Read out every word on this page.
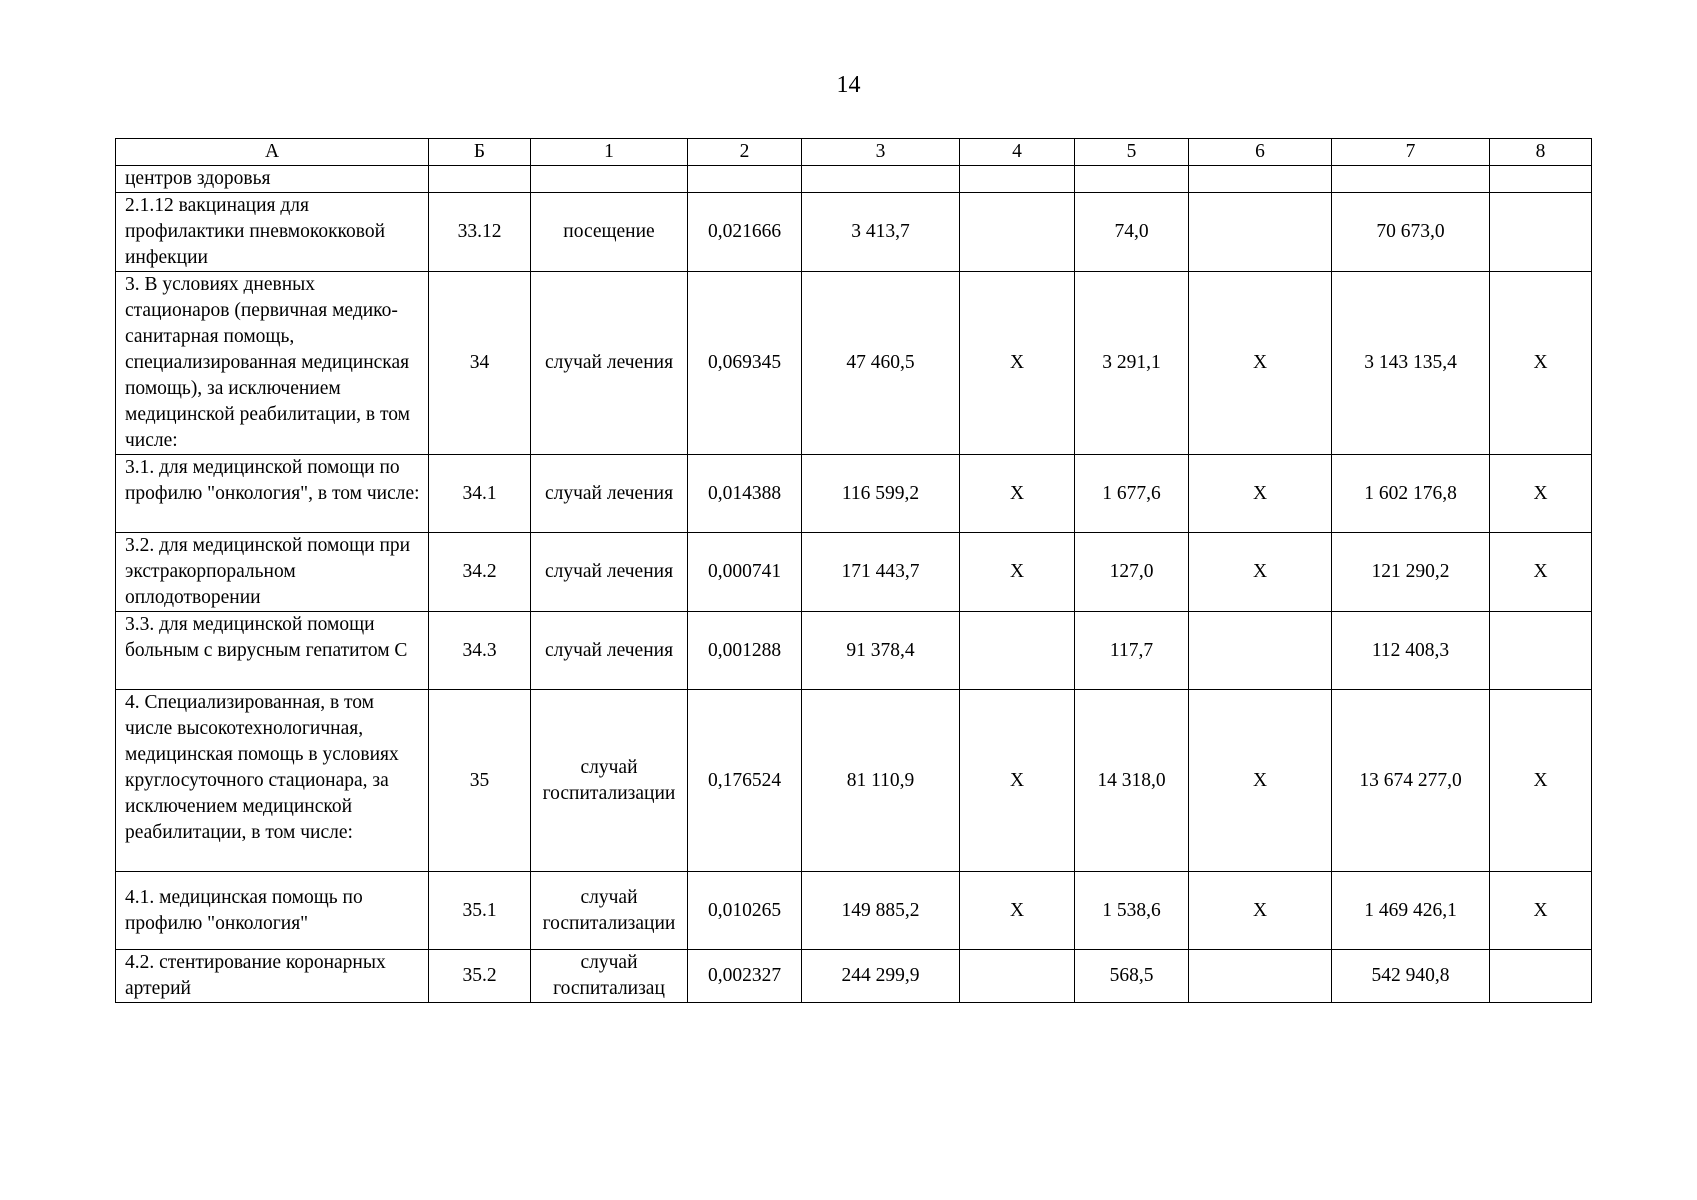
14
А	Б	1	2	3	4	5	6	7	8
центров здоровья									
2.1.12 вакцинация для профилактики пневмококковой инфекции	33.12	посещение	0,021666	3 413,7		74,0		70 673,0	
3. В условиях дневных стационаров (первичная медико-санитарная помощь, специализированная медицинская помощь), за исключением медицинской реабилитации, в том числе:	34	случай лечения	0,069345	47 460,5	Х	3 291,1	Х	3 143 135,4	Х
3.1. для медицинской помощи по профилю "онкология", в том числе:	34.1	случай лечения	0,014388	116 599,2	Х	1 677,6	Х	1 602 176,8	Х
3.2. для медицинской помощи при экстракорпоральном оплодотворении	34.2	случай лечения	0,000741	171 443,7	Х	127,0	Х	121 290,2	Х
3.3. для медицинской помощи больным с вирусным гепатитом С	34.3	случай лечения	0,001288	91 378,4		117,7		112 408,3	
4. Специализированная, в том числе высокотехнологичная, медицинская помощь в условиях круглосуточного стационара, за исключением медицинской реабилитации, в том числе:	35	случай госпитализации	0,176524	81 110,9	Х	14 318,0	Х	13 674 277,0	Х
4.1. медицинская помощь по профилю "онкология"	35.1	случай госпитализации	0,010265	149 885,2	Х	1 538,6	Х	1 469 426,1	Х
4.2. стентирование коронарных артерий	35.2	случай госпитализац	0,002327	244 299,9		568,5		542 940,8	
